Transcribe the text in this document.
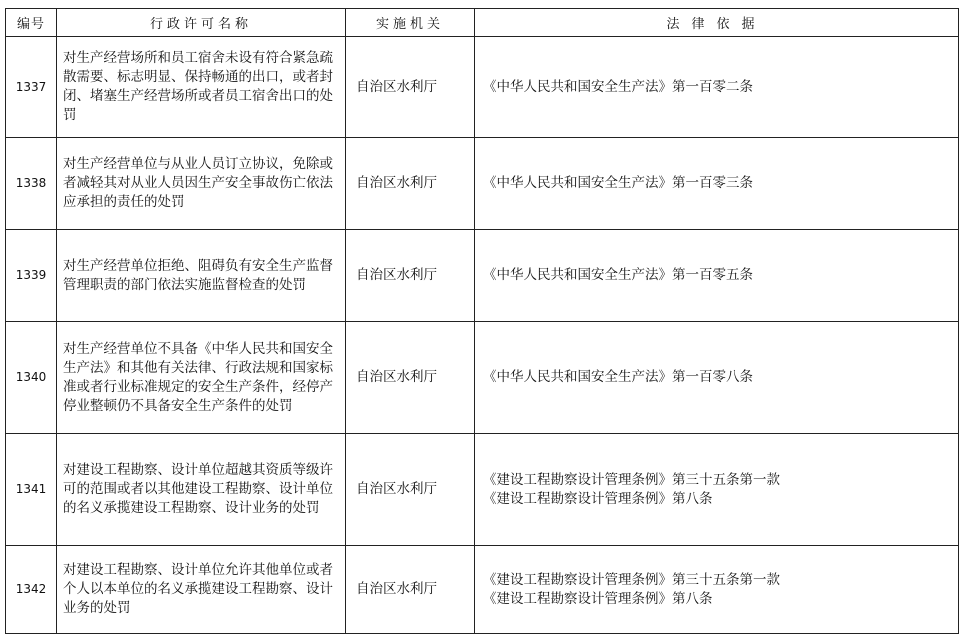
编号	行政许可名称	实施机关	法律依据
1337	对生产经营场所和员工宿舍未设有符合紧急疏散需要、标志明显、保持畅通的出口，或者封闭、堵塞生产经营场所或者员工宿舍出口的处罚	自治区水利厅	《中华人民共和国安全生产法》第一百零二条

1338	对生产经营单位与从业人员订立协议，免除或者减轻其对从业人员因生产安全事故伤亡依法应承担的责任的处罚	自治区水利厅	《中华人民共和国安全生产法》第一百零三条

1339	对生产经营单位拒绝、阻碍负有安全生产监督管理职责的部门依法实施监督检查的处罚	自治区水利厅	《中华人民共和国安全生产法》第一百零五条

1340	对生产经营单位不具备《中华人民共和国安全生产法》和其他有关法律、行政法规和国家标准或者行业标准规定的安全生产条件，经停产停业整顿仍不具备安全生产条件的处罚	自治区水利厅	《中华人民共和国安全生产法》第一百零八条

1341	对建设工程勘察、设计单位超越其资质等级许可的范围或者以其他建设工程勘察、设计单位的名义承揽建设工程勘察、设计业务的处罚	自治区水利厅	《建设工程勘察设计管理条例》第三十五条第一款
《建设工程勘察设计管理条例》第八条

1342	对建设工程勘察、设计单位允许其他单位或者个人以本单位的名义承揽建设工程勘察、设计业务的处罚	自治区水利厅	《建设工程勘察设计管理条例》第三十五条第一款
《建设工程勘察设计管理条例》第八条
